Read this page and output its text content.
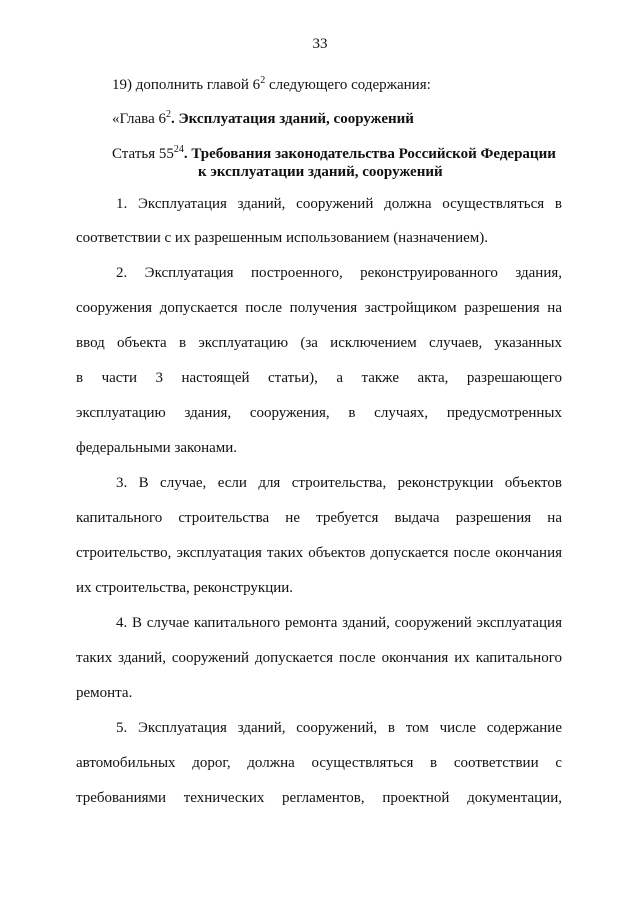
33
19) дополнить главой $6^2$ следующего содержания:
«Глава $6^2$. Эксплуатация зданий, сооружений
Статья $55^{24}$. Требования законодательства Российской Федерации
к эксплуатации зданий, сооружений
1. Эксплуатация зданий, сооружений должна осуществляться в
соответствии с их разрешенным использованием (назначением).
2. Эксплуатация построенного, реконструированного здания,
сооружения допускается после получения застройщиком разрешения на
ввод объекта в эксплуатацию (за исключением случаев, указанных
в части 3 настоящей статьи), а также акта, разрешающего
эксплуатацию здания, сооружения, в случаях, предусмотренных
федеральными законами.
3. В случае, если для строительства, реконструкции объектов
капитального строительства не требуется выдача разрешения на
строительство, эксплуатация таких объектов допускается после окончания
их строительства, реконструкции.
4. В случае капитального ремонта зданий, сооружений эксплуатация
таких зданий, сооружений допускается после окончания их капитального
ремонта.
5. Эксплуатация зданий, сооружений, в том числе содержание
автомобильных дорог, должна осуществляться в соответствии с
требованиями технических регламентов, проектной документации,
